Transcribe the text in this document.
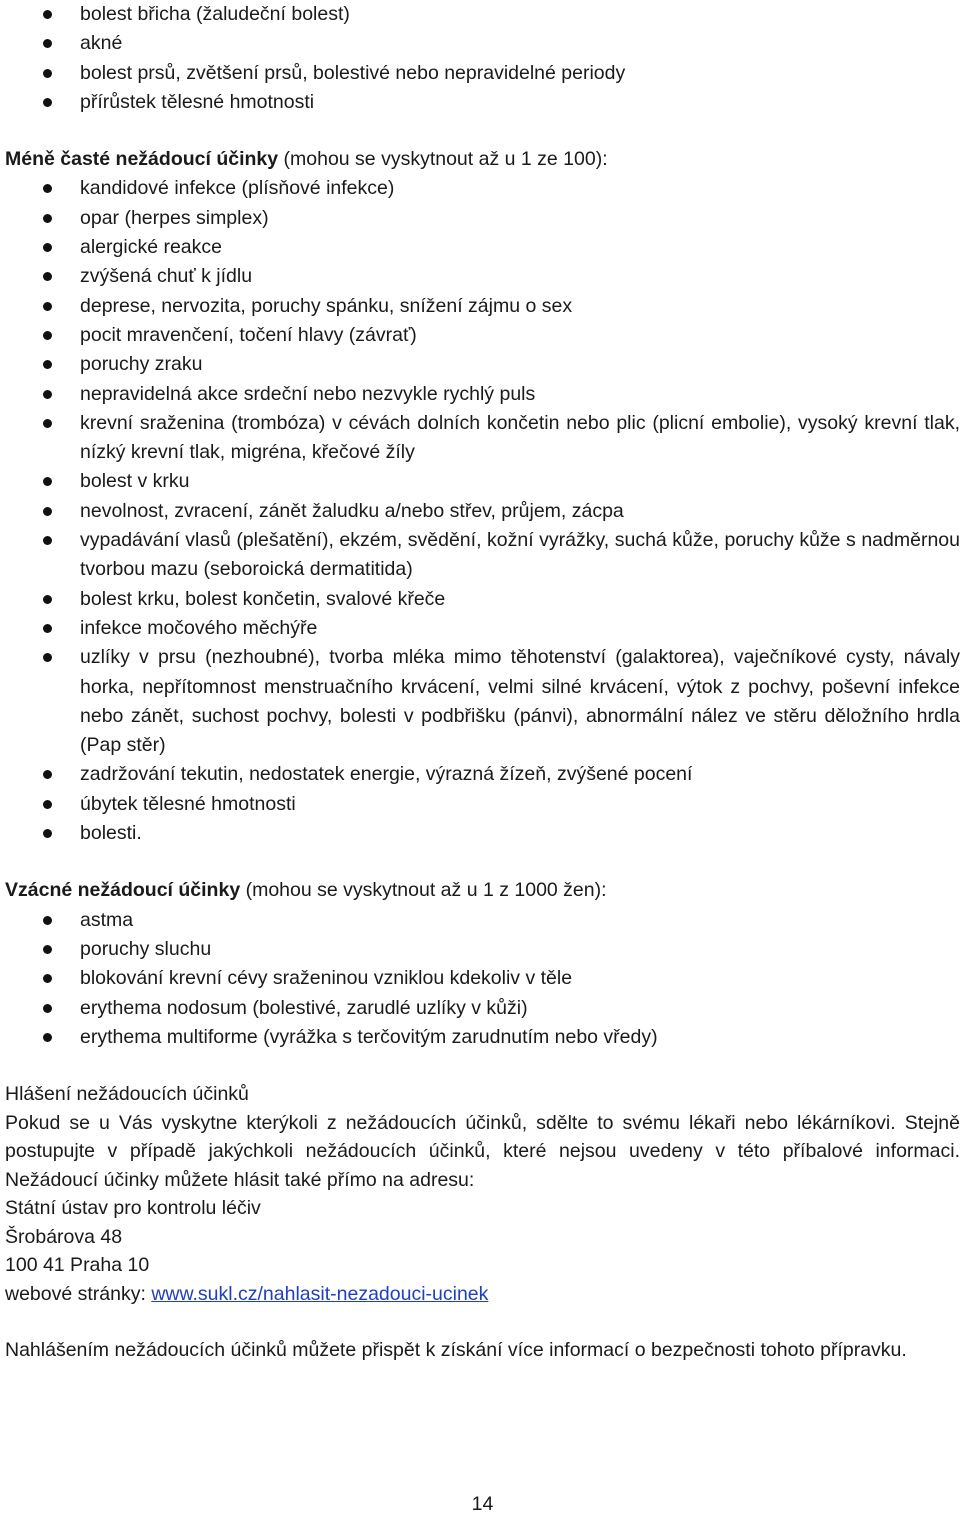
bolest břicha (žaludeční bolest)
akné
bolest prsů, zvětšení prsů, bolestivé nebo nepravidelné periody
přírůstek tělesné hmotnosti
Méně časté nežádoucí účinky (mohou se vyskytnout až u 1 ze 100):
kandidové infekce (plísňové infekce)
opar (herpes simplex)
alergické reakce
zvýšená chuť k jídlu
deprese, nervozita, poruchy spánku, snížení zájmu o sex
pocit mravenčení, točení hlavy (závrať)
poruchy zraku
nepravidelná akce srdeční nebo nezvykle rychlý puls
krevní sraženina (trombóza) v cévách dolních končetin nebo plic (plicní embolie), vysoký krevní tlak, nízký krevní tlak, migréna, křečové žíly
bolest v krku
nevolnost, zvracení, zánět žaludku a/nebo střev, průjem, zácpa
vypadávání vlasů (plešatění), ekzém, svědění, kožní vyrážky, suchá kůže, poruchy kůže s nadměrnou tvorbou mazu (seboroická dermatitida)
bolest krku, bolest končetin, svalové křeče
infekce močového měchýře
uzlíky v prsu (nezhoubné), tvorba mléka mimo těhotenství (galaktorea), vaječníkové cysty, návaly horka, nepřítomnost menstruačního krvácení, velmi silné krvácení, výtok z pochvy, poševní infekce nebo zánět, suchost pochvy, bolesti v podbřišku (pánvi), abnormální nález ve stěru děložního hrdla (Pap stěr)
zadržování tekutin, nedostatek energie, výrazná žízeň, zvýšené pocení
úbytek tělesné hmotnosti
bolesti.
Vzácné nežádoucí účinky (mohou se vyskytnout až u 1 z 1000 žen):
astma
poruchy sluchu
blokování krevní cévy sraženinou vzniklou kdekoliv v těle
erythema nodosum (bolestivé, zarudlé uzlíky v kůži)
erythema multiforme (vyrážka s terčovitým zarudnutím nebo vředy)
Hlášení nežádoucích účinků
Pokud se u Vás vyskytne kterýkoli z nežádoucích účinků, sdělte to svému lékaři nebo lékárníkovi. Stejně postupujte v případě jakýchkoli nežádoucích účinků, které nejsou uvedeny v této příbalové informaci. Nežádoucí účinky můžete hlásit také přímo na adresu:
Státní ústav pro kontrolu léčiv
Šrobárova 48
100 41 Praha 10
webové stránky: www.sukl.cz/nahlasit-nezadouci-ucinek
Nahlášením nežádoucích účinků můžete přispět k získání více informací o bezpečnosti tohoto přípravku.
14
